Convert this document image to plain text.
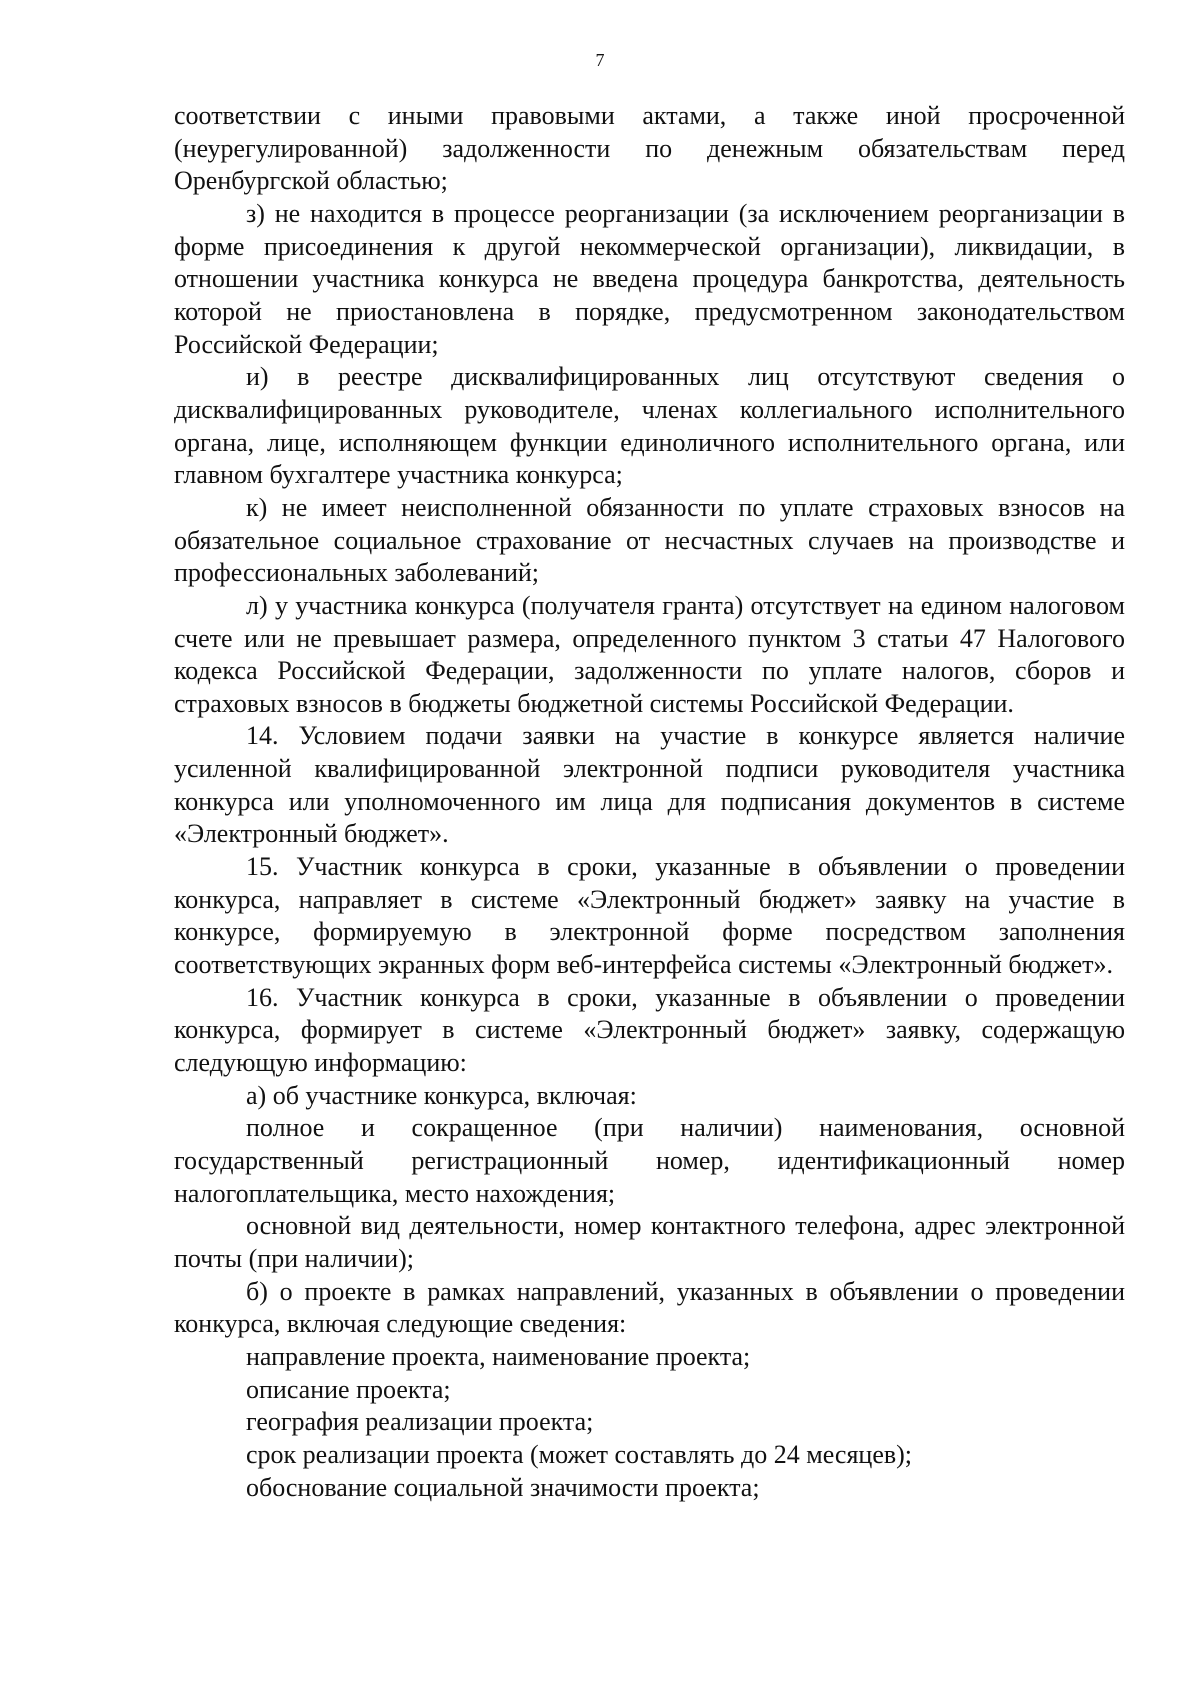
7

соответствии с иными правовыми актами, а также иной просроченной (неурегулированной) задолженности по денежным обязательствам перед Оренбургской областью;

з) не находится в процессе реорганизации (за исключением реорганизации в форме присоединения к другой некоммерческой организации), ликвидации, в отношении участника конкурса не введена процедура банкротства, деятельность которой не приостановлена в порядке, предусмотренном законодательством Российской Федерации;

и) в реестре дисквалифицированных лиц отсутствуют сведения о дисквалифицированных руководителе, членах коллегиального исполнительного органа, лице, исполняющем функции единоличного исполнительного органа, или главном бухгалтере участника конкурса;

к) не имеет неисполненной обязанности по уплате страховых взносов на обязательное социальное страхование от несчастных случаев на производстве и профессиональных заболеваний;

л) у участника конкурса (получателя гранта) отсутствует на едином налоговом счете или не превышает размера, определенного пунктом 3 статьи 47 Налогового кодекса Российской Федерации, задолженности по уплате налогов, сборов и страховых взносов в бюджеты бюджетной системы Российской Федерации.

14. Условием подачи заявки на участие в конкурсе является наличие усиленной квалифицированной электронной подписи руководителя участника конкурса или уполномоченного им лица для подписания документов в системе «Электронный бюджет».

15. Участник конкурса в сроки, указанные в объявлении о проведении конкурса, направляет в системе «Электронный бюджет» заявку на участие в конкурсе, формируемую в электронной форме посредством заполнения соответствующих экранных форм веб-интерфейса системы «Электронный бюджет».

16. Участник конкурса в сроки, указанные в объявлении о проведении конкурса, формирует в системе «Электронный бюджет» заявку, содержащую следующую информацию:

а) об участнике конкурса, включая:

полное и сокращенное (при наличии) наименования, основной государственный регистрационный номер, идентификационный номер налогоплательщика, место нахождения;

основной вид деятельности, номер контактного телефона, адрес электронной почты (при наличии);

б) о проекте в рамках направлений, указанных в объявлении о проведении конкурса, включая следующие сведения:

направление проекта, наименование проекта;

описание проекта;

география реализации проекта;

срок реализации проекта (может составлять до 24 месяцев);

обоснование социальной значимости проекта;
